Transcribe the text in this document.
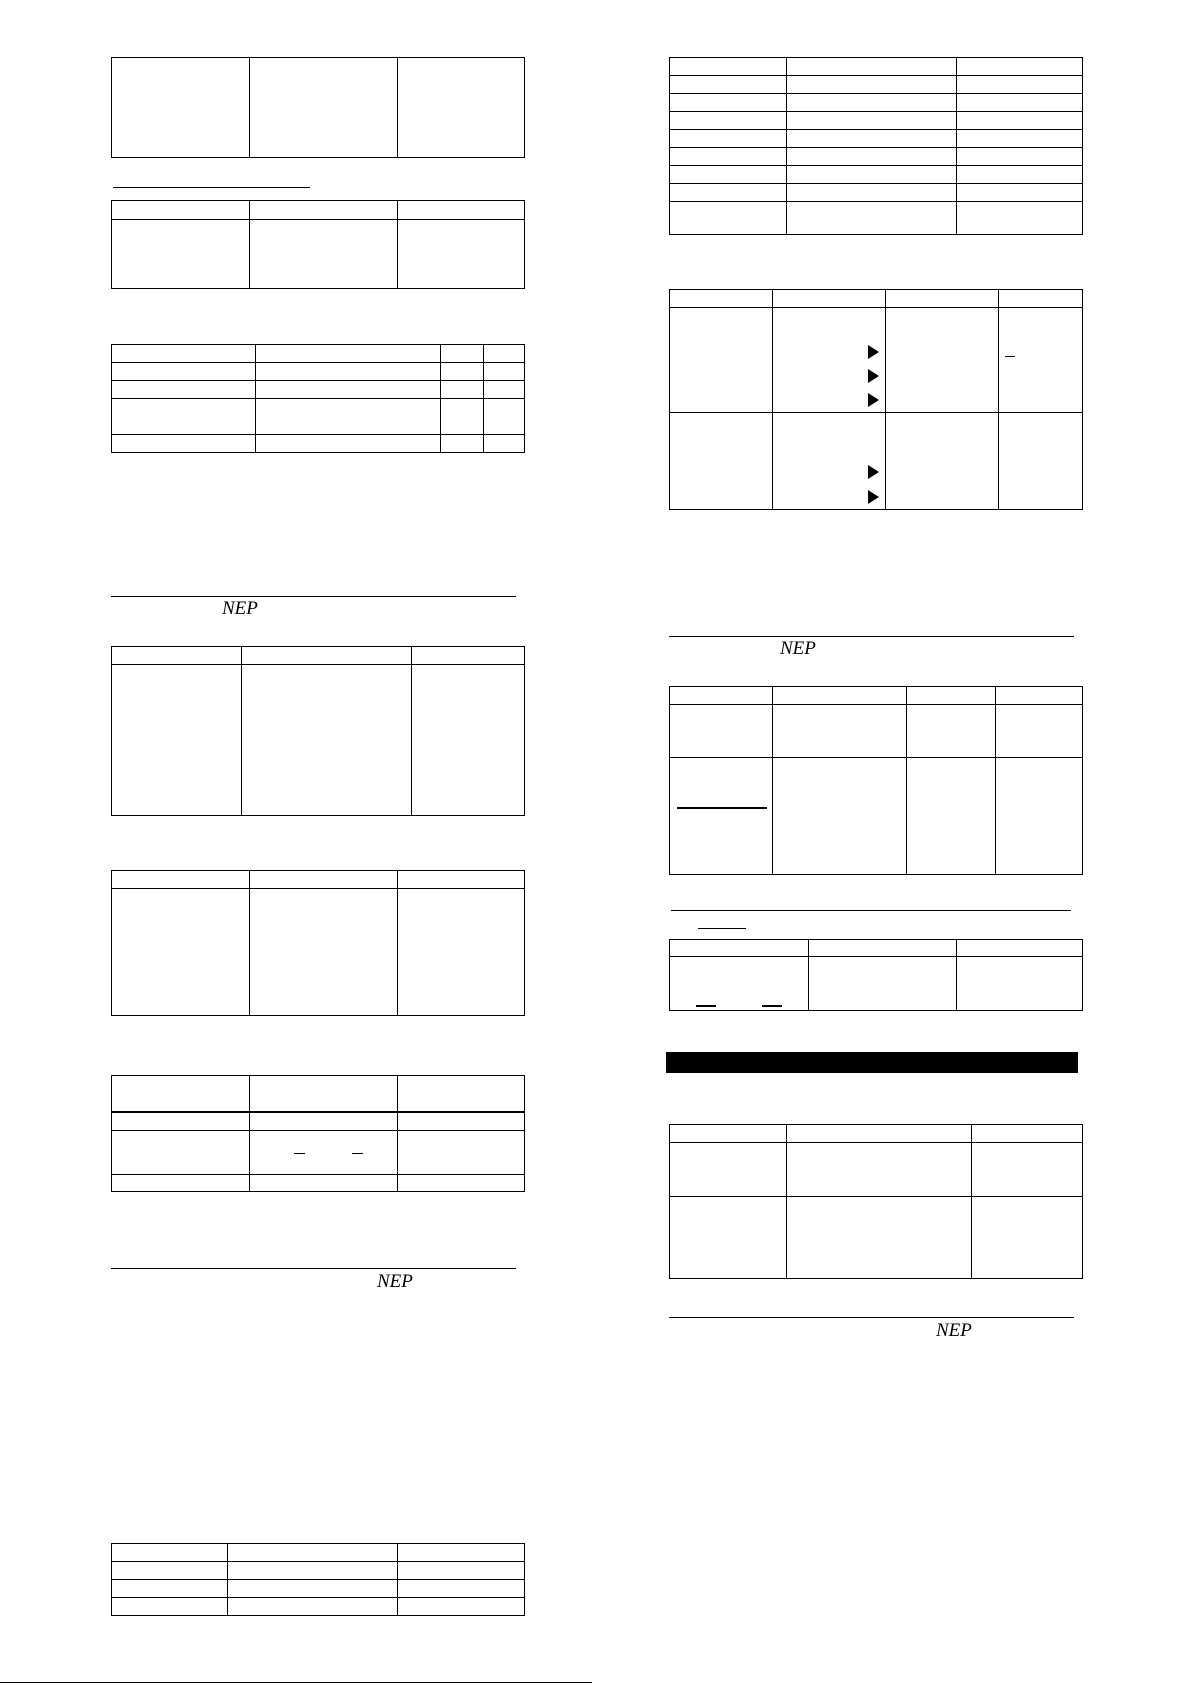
NEP
NEP
NEP
NEP
